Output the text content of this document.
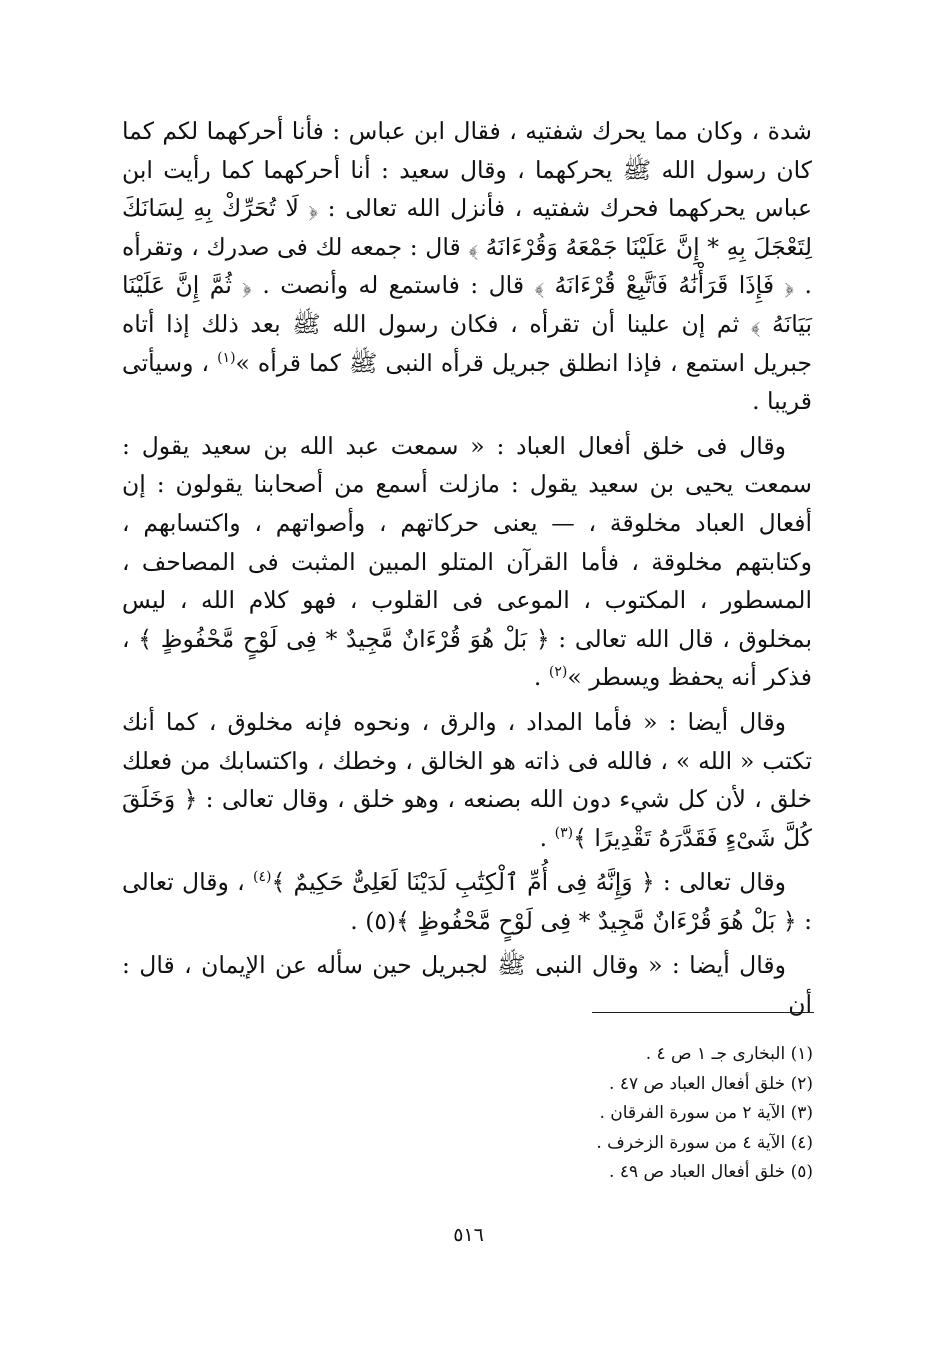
شدة ، وكان مما يحرك شفتيه ، فقال ابن عباس : فأنا أحركهما لكم كما كان رسول الله ﷺ يحركهما ، وقال سعيد : أنا أحركهما كما رأيت ابن عباس يحركهما فحرك شفتيه ، فأنزل الله تعالى : ﴿ لَا تُحَرِّكْ بِهِ لِسَانَكَ لِتَعْجَلَ بِهِ * إِنَّ عَلَيْنَا جَمْعَهُ وَقُرْءَانَهُ ﴾ قال : جمعه لك فى صدرك ، وتقرأه . ﴿ فَإِذَا قَرَأْنَٰهُ فَٱتَّبِعْ قُرْءَانَهُ ﴾ قال : فاستمع له وأنصت . ﴿ ثُمَّ إِنَّ عَلَيْنَا بَيَانَهُ ﴾ ثم إن علينا أن تقرأه ، فكان رسول الله ﷺ بعد ذلك إذا أتاه جبريل استمع ، فإذا انطلق جبريل قرأه النبى ﷺ كما قرأه »$^{(١)}$ ، وسيأتى قريبا .

وقال فى خلق أفعال العباد : « سمعت عبد الله بن سعيد يقول : سمعت يحيى بن سعيد يقول : مازلت أسمع من أصحابنا يقولون : إن أفعال العباد مخلوقة ، — يعنى حركاتهم ، وأصواتهم ، واكتسابهم ، وكتابتهم مخلوقة ، فأما القرآن المتلو المبين المثبت فى المصاحف ، المسطور ، المكتوب ، الموعى فى القلوب ، فهو كلام الله ، ليس بمخلوق ، قال الله تعالى : ﴿ بَلْ هُوَ قُرْءَانٌ مَّجِيدٌ * فِى لَوْحٍ مَّحْفُوظٍ ﴾ ، فذكر أنه يحفظ ويسطر »$^{(٢)}$ .

وقال أيضا : « فأما المداد ، والرق ، ونحوه فإنه مخلوق ، كما أنك تكتب « الله » ، فالله فى ذاته هو الخالق ، وخطك ، واكتسابك من فعلك خلق ، لأن كل شيء دون الله بصنعه ، وهو خلق ، وقال تعالى : ﴿ وَخَلَقَ كُلَّ شَىْءٍ فَقَدَّرَهُ تَقْدِيرًا ﴾$^{(٣)}$ .

وقال تعالى : ﴿ وَإِنَّهُ فِى أُمِّ ٱلْكِتَٰبِ لَدَيْنَا لَعَلِىٌّ حَكِيمٌ ﴾$^{(٤)}$ ، وقال تعالى : ﴿ بَلْ هُوَ قُرْءَانٌ مَّجِيدٌ * فِى لَوْحٍ مَّحْفُوظٍ ﴾(٥) .

وقال أيضا : « وقال النبى ﷺ لجبريل حين سأله عن الإيمان ، قال : أن

(١) البخارى جـ ١ ص ٤ .
(٢) خلق أفعال العباد ص ٤٧ .
(٣) الآية ٢ من سورة الفرقان .
(٤) الآية ٤ من سورة الزخرف .
(٥) خلق أفعال العباد ص ٤٩ .
٥١٦
